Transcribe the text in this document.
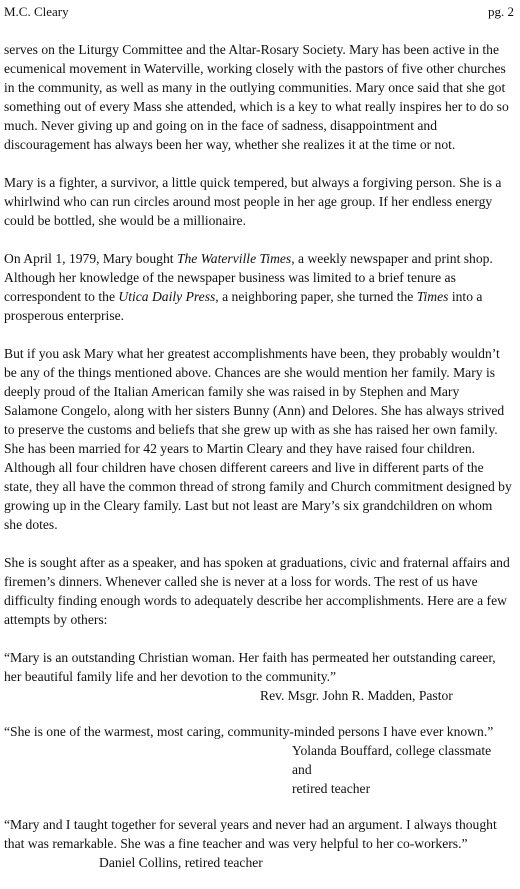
M.C. Cleary	pg. 2

serves on the Liturgy Committee and the Altar-Rosary Society. Mary has been active in the ecumenical movement in Waterville, working closely with the pastors of five other churches in the community, as well as many in the outlying communities. Mary once said that she got something out of every Mass she attended, which is a key to what really inspires her to do so much. Never giving up and going on in the face of sadness, disappointment and discouragement has always been her way, whether she realizes it at the time or not.

Mary is a fighter, a survivor, a little quick tempered, but always a forgiving person. She is a whirlwind who can run circles around most people in her age group. If her endless energy could be bottled, she would be a millionaire.

On April 1, 1979, Mary bought The Waterville Times, a weekly newspaper and print shop. Although her knowledge of the newspaper business was limited to a brief tenure as correspondent to the Utica Daily Press, a neighboring paper, she turned the Times into a prosperous enterprise.

But if you ask Mary what her greatest accomplishments have been, they probably wouldn’t be any of the things mentioned above. Chances are she would mention her family. Mary is deeply proud of the Italian American family she was raised in by Stephen and Mary Salamone Congelo, along with her sisters Bunny (Ann) and Delores. She has always strived to preserve the customs and beliefs that she grew up with as she has raised her own family. She has been married for 42 years to Martin Cleary and they have raised four children. Although all four children have chosen different careers and live in different parts of the state, they all have the common thread of strong family and Church commitment designed by growing up in the Cleary family. Last but not least are Mary’s six grandchildren on whom she dotes.

She is sought after as a speaker, and has spoken at graduations, civic and fraternal affairs and firemen’s dinners. Whenever called she is never at a loss for words. The rest of us have difficulty finding enough words to adequately describe her accomplishments. Here are a few attempts by others:

“Mary is an outstanding Christian woman. Her faith has permeated her outstanding career, her beautiful family life and her devotion to the community.”
Rev. Msgr. John R. Madden, Pastor
“She is one of the warmest, most caring, community-minded persons I have ever known.”
Yolanda Bouffard, college classmate and
retired teacher
“Mary and I taught together for several years and never had an argument. I always thought that was remarkable. She was a fine teacher and was very helpful to her co-workers.”Daniel Collins, retired teacher
